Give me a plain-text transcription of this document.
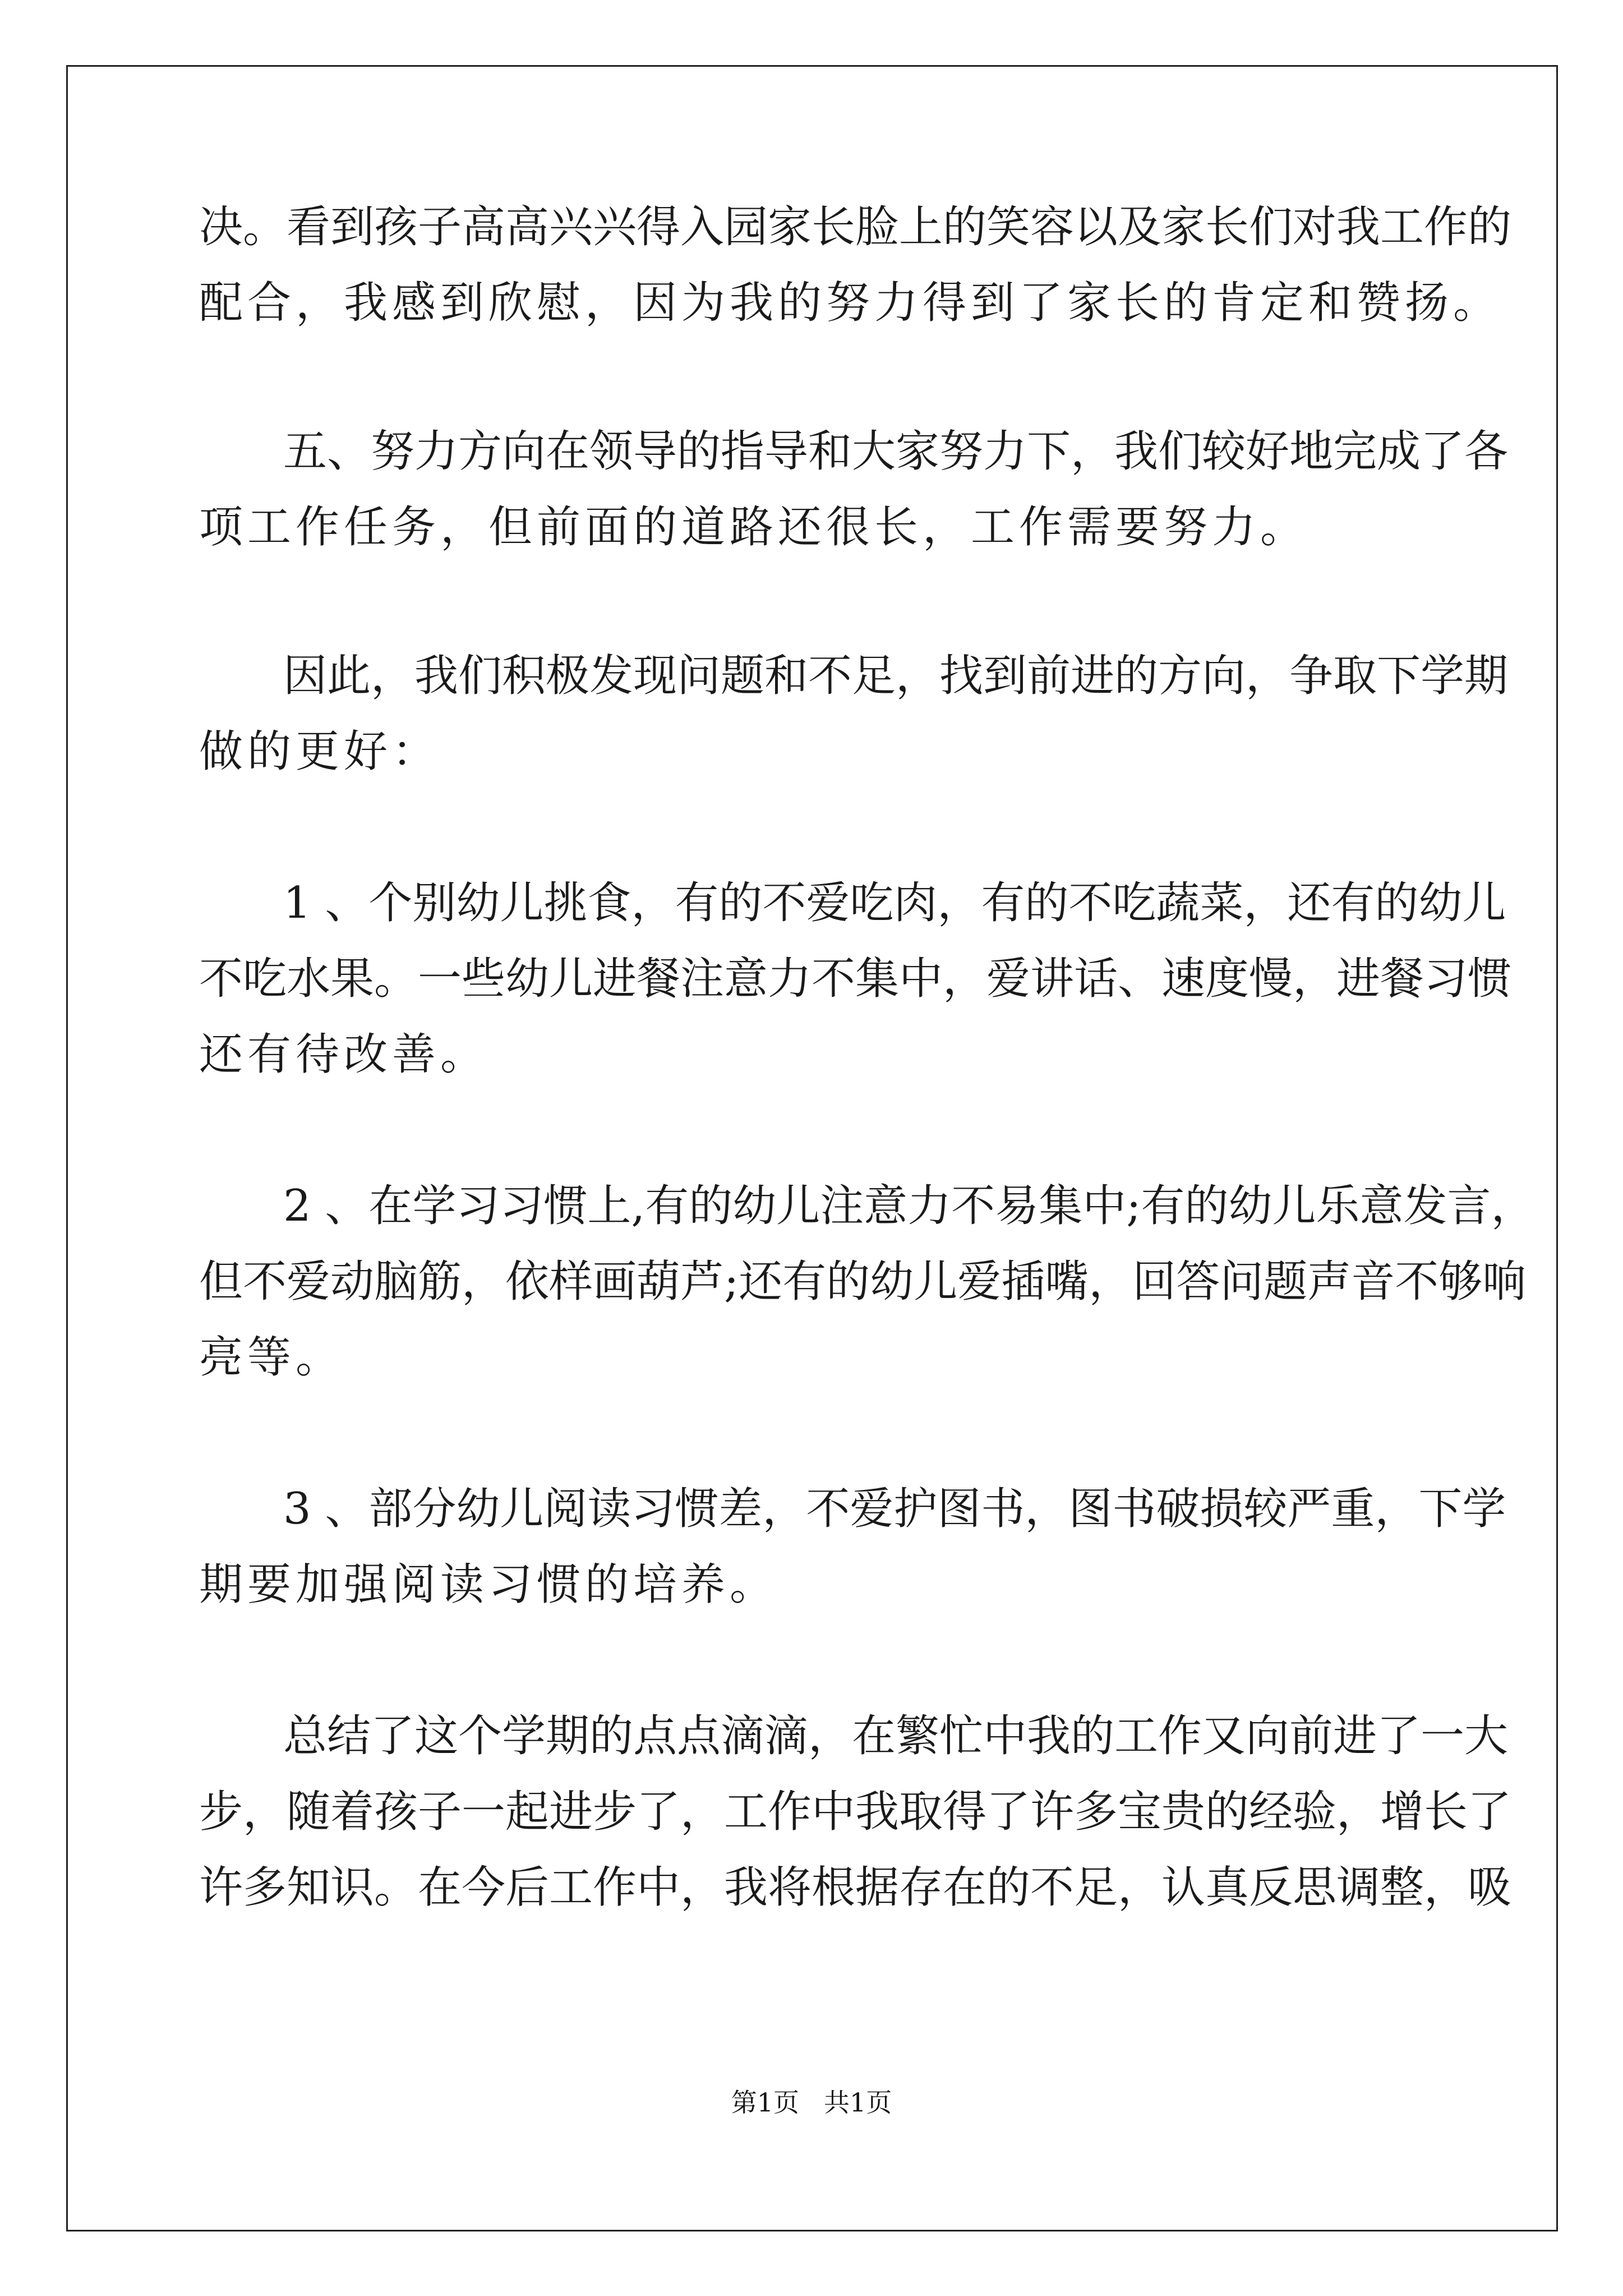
决。看到孩子高高兴兴得入园家长脸上的笑容以及家长们对我工作的
配合，我感到欣慰，因为我的努力得到了家长的肯定和赞扬。
五、努力方向在领导的指导和大家努力下，我们较好地完成了各
项工作任务，但前面的道路还很长，工作需要努力。
因此，我们积极发现问题和不足，找到前进的方向，争取下学期
做的更好：
1 、个别幼儿挑食，有的不爱吃肉，有的不吃蔬菜，还有的幼儿
不吃水果。一些幼儿进餐注意力不集中，爱讲话、速度慢，进餐习惯
还有待改善。
2 、在学习习惯上,有的幼儿注意力不易集中;有的幼儿乐意发言，
但不爱动脑筋，依样画葫芦;还有的幼儿爱插嘴，回答问题声音不够响
亮等。
3 、部分幼儿阅读习惯差，不爱护图书，图书破损较严重，下学
期要加强阅读习惯的培养。
总结了这个学期的点点滴滴，在繁忙中我的工作又向前进了一大
步，随着孩子一起进步了，工作中我取得了许多宝贵的经验，增长了
许多知识。在今后工作中，我将根据存在的不足，认真反思调整，吸
第1页 共1页
